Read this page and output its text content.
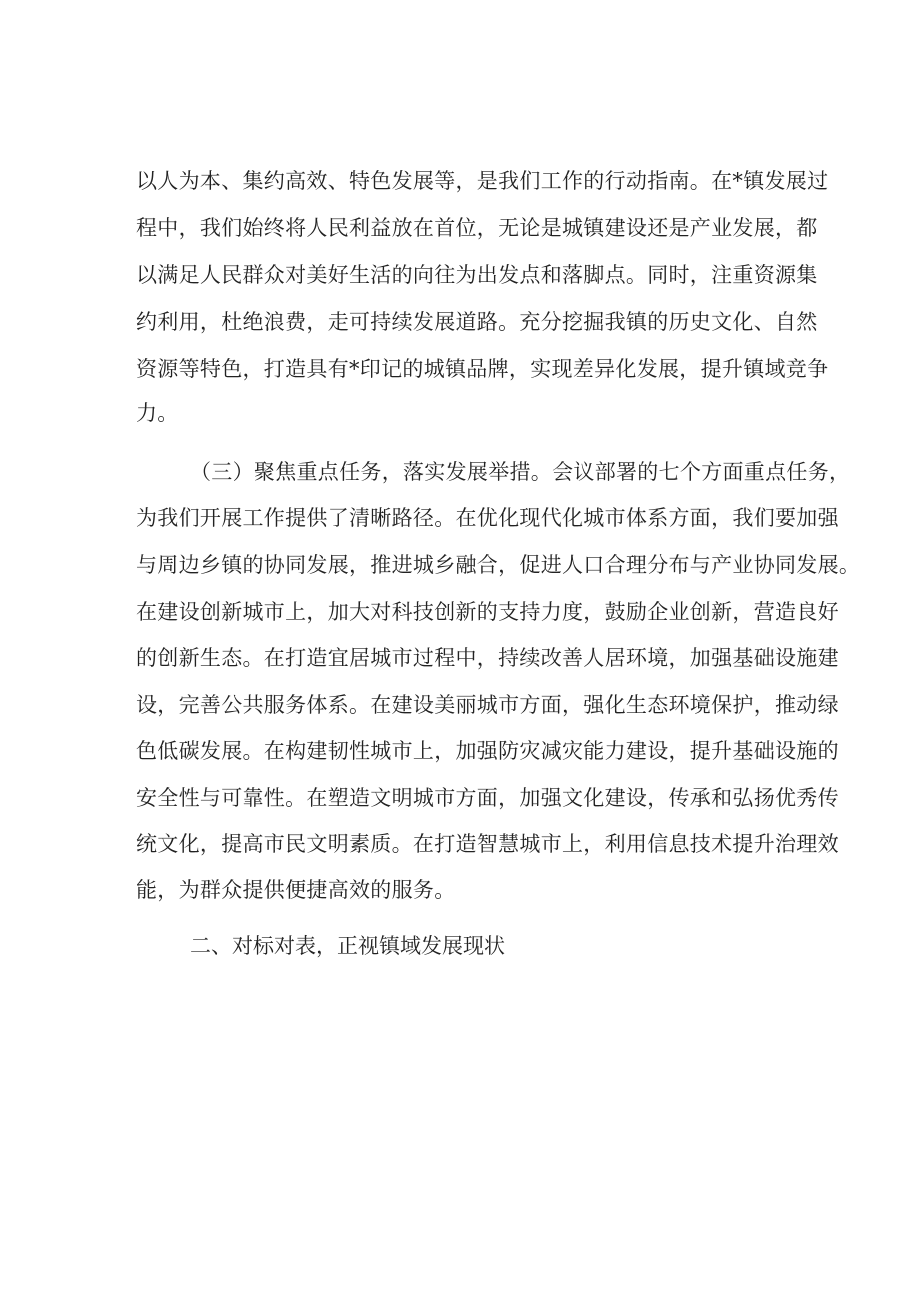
以人为本、集约高效、特色发展等，是我们工作的行动指南。在*镇发展过
程中，我们始终将人民利益放在首位，无论是城镇建设还是产业发展，都
以满足人民群众对美好生活的向往为出发点和落脚点。同时，注重资源集
约利用，杜绝浪费，走可持续发展道路。充分挖掘我镇的历史文化、自然
资源等特色，打造具有*印记的城镇品牌，实现差异化发展，提升镇域竞争
力。
（三）聚焦重点任务，落实发展举措。会议部署的七个方面重点任务，
为我们开展工作提供了清晰路径。在优化现代化城市体系方面，我们要加强
与周边乡镇的协同发展，推进城乡融合，促进人口合理分布与产业协同发展。
在建设创新城市上，加大对科技创新的支持力度，鼓励企业创新，营造良好
的创新生态。在打造宜居城市过程中，持续改善人居环境，加强基础设施建
设，完善公共服务体系。在建设美丽城市方面，强化生态环境保护，推动绿
色低碳发展。在构建韧性城市上，加强防灾减灾能力建设，提升基础设施的
安全性与可靠性。在塑造文明城市方面，加强文化建设，传承和弘扬优秀传
统文化，提高市民文明素质。在打造智慧城市上，利用信息技术提升治理效
能，为群众提供便捷高效的服务。
二、对标对表，正视镇域发展现状
